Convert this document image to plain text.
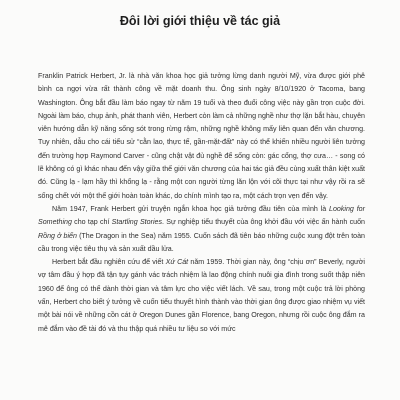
Đôi lời giới thiệu về tác giả

Franklin Patrick Herbert, Jr. là nhà văn khoa học giả tưởng lừng danh người Mỹ, vừa được giới phê bình ca ngợi vừa rất thành công về mặt doanh thu. Ông sinh ngày 8/10/1920 ở Tacoma, bang Washington. Ông bắt đầu làm báo ngay từ năm 19 tuổi và theo đuổi công việc này gần trọn cuộc đời. Ngoài làm báo, chụp ảnh, phát thanh viên, Herbert còn làm cả những nghề như thợ lặn bắt hàu, chuyên viên hướng dẫn kỹ năng sống sót trong rừng rậm, những nghề không mấy liên quan đến văn chương. Tuy nhiên, dẫu cho cái tiểu sử “cằn lao, thực tế, gần-mặt-đất” này có thể khiến nhiều người liên tưởng đến trường hợp Raymond Carver - cũng chật vật đủ nghề để sống còn: gác cổng, thợ cưa… - song có lẽ không có gì khác nhau đến vậy giữa thế giới văn chương của hai tác giả đều cùng xuất thân kiệt xuất đó. Cũng lạ - lạm hầy thì khổng lạ - rằng một con người từng lăn lộn với cõi thực tại như vậy rồi ra sẽ sống chết với một thế giới hoàn toàn khác, do chính mình tạo ra, một cách trọn vẹn đến vậy.

Năm 1947, Frank Herbert gửi truyện ngắn khoa học giả tưởng đầu tiên của mình là Looking for Something cho tạp chí Startling Stories. Sự nghiệp tiểu thuyết của ông khởi đầu với việc ấn hành cuốn Rồng ở biển (The Dragon in the Sea) năm 1955. Cuốn sách đã tiên báo những cuộc xung đột trên toàn cầu trong việc tiêu thụ và sản xuất dầu lửa.

Herbert bắt đầu nghiên cứu để viết Xứ Cát năm 1959. Thời gian này, ông “chịu ơn” Beverly, người vợ tâm đầu ý hợp đã tận tụy gánh vác trách nhiệm là lao động chính nuôi gia đình trong suốt thập niên 1960 để ông có thể dành thời gian và tâm lực cho việc viết lách. Về sau, trong một cuộc trả lời phỏng vấn, Herbert cho biết ý tưởng về cuốn tiểu thuyết hình thành vào thời gian ông được giao nhiệm vụ viết một bài nói về những cồn cát ở Oregon Dunes gần Florence, bang Oregon, nhưng rồi cuộc ông đắm ra mê đắm vào đề tài đó và thu thập quá nhiều tư liệu so với mức
